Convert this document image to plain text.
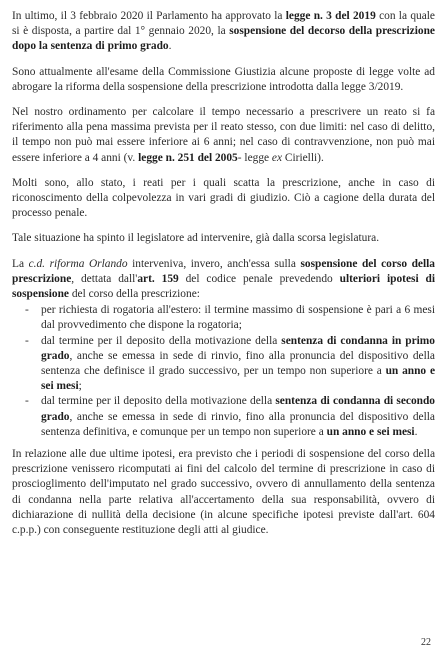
In ultimo, il 3 febbraio 2020 il Parlamento ha approvato la legge n. 3 del 2019 con la quale si è disposta, a partire dal 1° gennaio 2020, la sospensione del decorso della prescrizione dopo la sentenza di primo grado.

Sono attualmente all'esame della Commissione Giustizia alcune proposte di legge volte ad abrogare la riforma della sospensione della prescrizione introdotta dalla legge 3/2019.

Nel nostro ordinamento per calcolare il tempo necessario a prescrivere un reato si fa riferimento alla pena massima prevista per il reato stesso, con due limiti: nel caso di delitto, il tempo non può mai essere inferiore ai 6 anni; nel caso di contravvenzione, non può mai essere inferiore a 4 anni (v. legge n. 251 del 2005- legge ex Cirielli).

Molti sono, allo stato, i reati per i quali scatta la prescrizione, anche in caso di riconoscimento della colpevolezza in vari gradi di giudizio. Ciò a cagione della durata del processo penale.

Tale situazione ha spinto il legislatore ad intervenire, già dalla scorsa legislatura.

La c.d. riforma Orlando interveniva, invero, anch'essa sulla sospensione del corso della prescrizione, dettata dall'art. 159 del codice penale prevedendo ulteriori ipotesi di sospensione del corso della prescrizione:

- per richiesta di rogatoria all'estero: il termine massimo di sospensione è pari a 6 mesi dal provvedimento che dispone la rogatoria;
- dal termine per il deposito della motivazione della sentenza di condanna in primo grado, anche se emessa in sede di rinvio, fino alla pronuncia del dispositivo della sentenza che definisce il grado successivo, per un tempo non superiore a un anno e sei mesi;
- dal termine per il deposito della motivazione della sentenza di condanna di secondo grado, anche se emessa in sede di rinvio, fino alla pronuncia del dispositivo della sentenza definitiva, e comunque per un tempo non superiore a un anno e sei mesi.

In relazione alle due ultime ipotesi, era previsto che i periodi di sospensione del corso della prescrizione venissero ricomputati ai fini del calcolo del termine di prescrizione in caso di proscioglimento dell'imputato nel grado successivo, ovvero di annullamento della sentenza di condanna nella parte relativa all'accertamento della sua responsabilità, ovvero di dichiarazione di nullità della decisione (in alcune specifiche ipotesi previste dall'art. 604 c.p.p.) con conseguente restituzione degli atti al giudice.

22
